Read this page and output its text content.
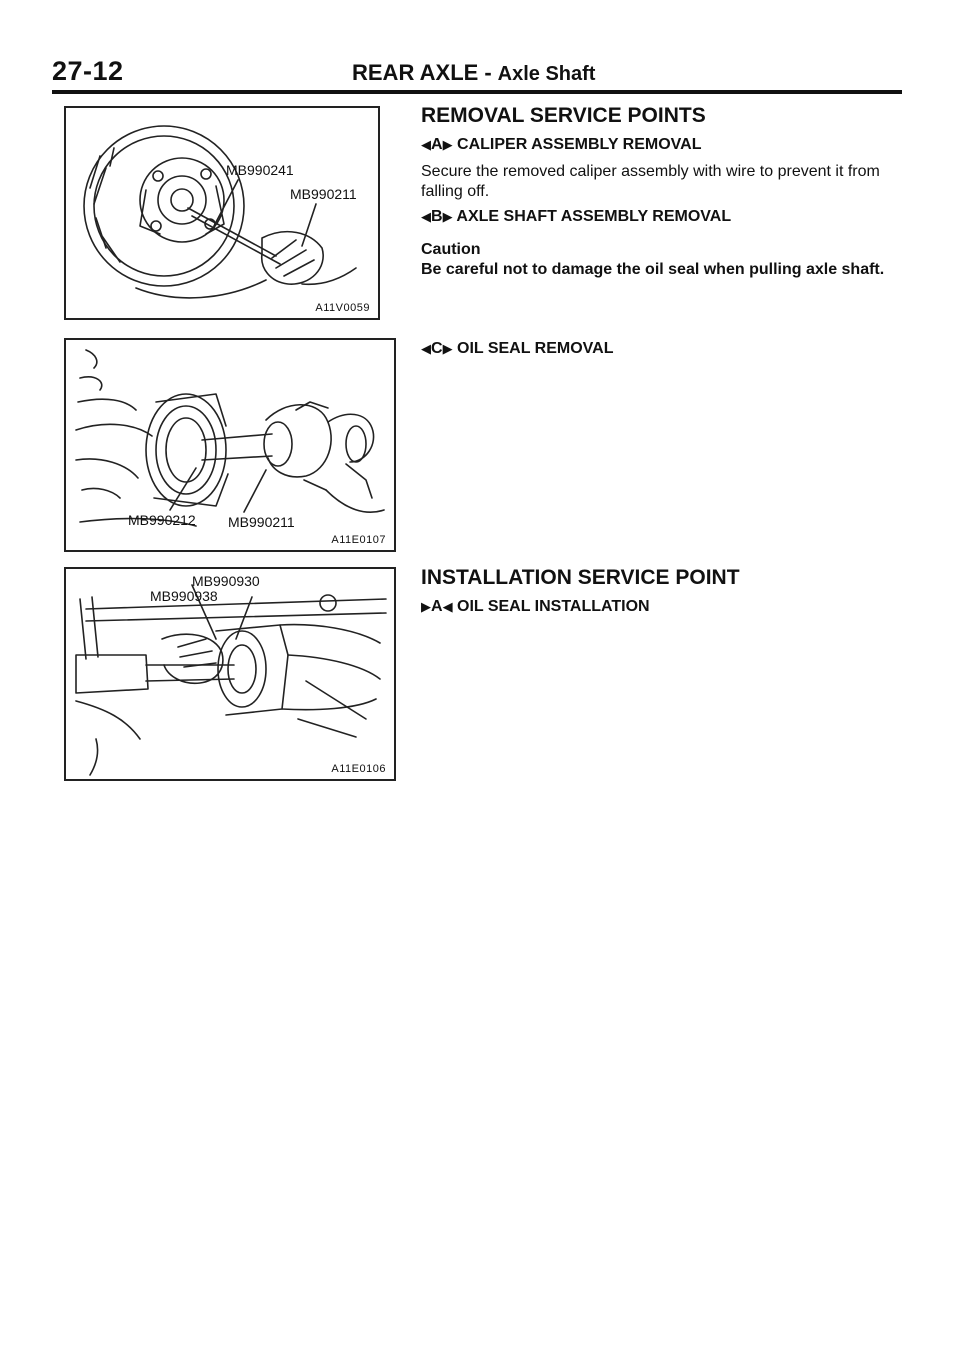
27-12	REAR AXLE - Axle Shaft
MB990241
MB990211
A11V0059
MB990212 MB990211
A11E0107
MB990930
MB990938
A11E0106
REMOVAL SERVICE POINTS
◀A▶ CALIPER ASSEMBLY REMOVAL
Secure the removed caliper assembly with wire to prevent it from falling off.
◀B▶ AXLE SHAFT ASSEMBLY REMOVAL
Caution
Be careful not to damage the oil seal when pulling axle shaft.
◀C▶ OIL SEAL REMOVAL
INSTALLATION SERVICE POINT
▶A◀ OIL SEAL INSTALLATION
